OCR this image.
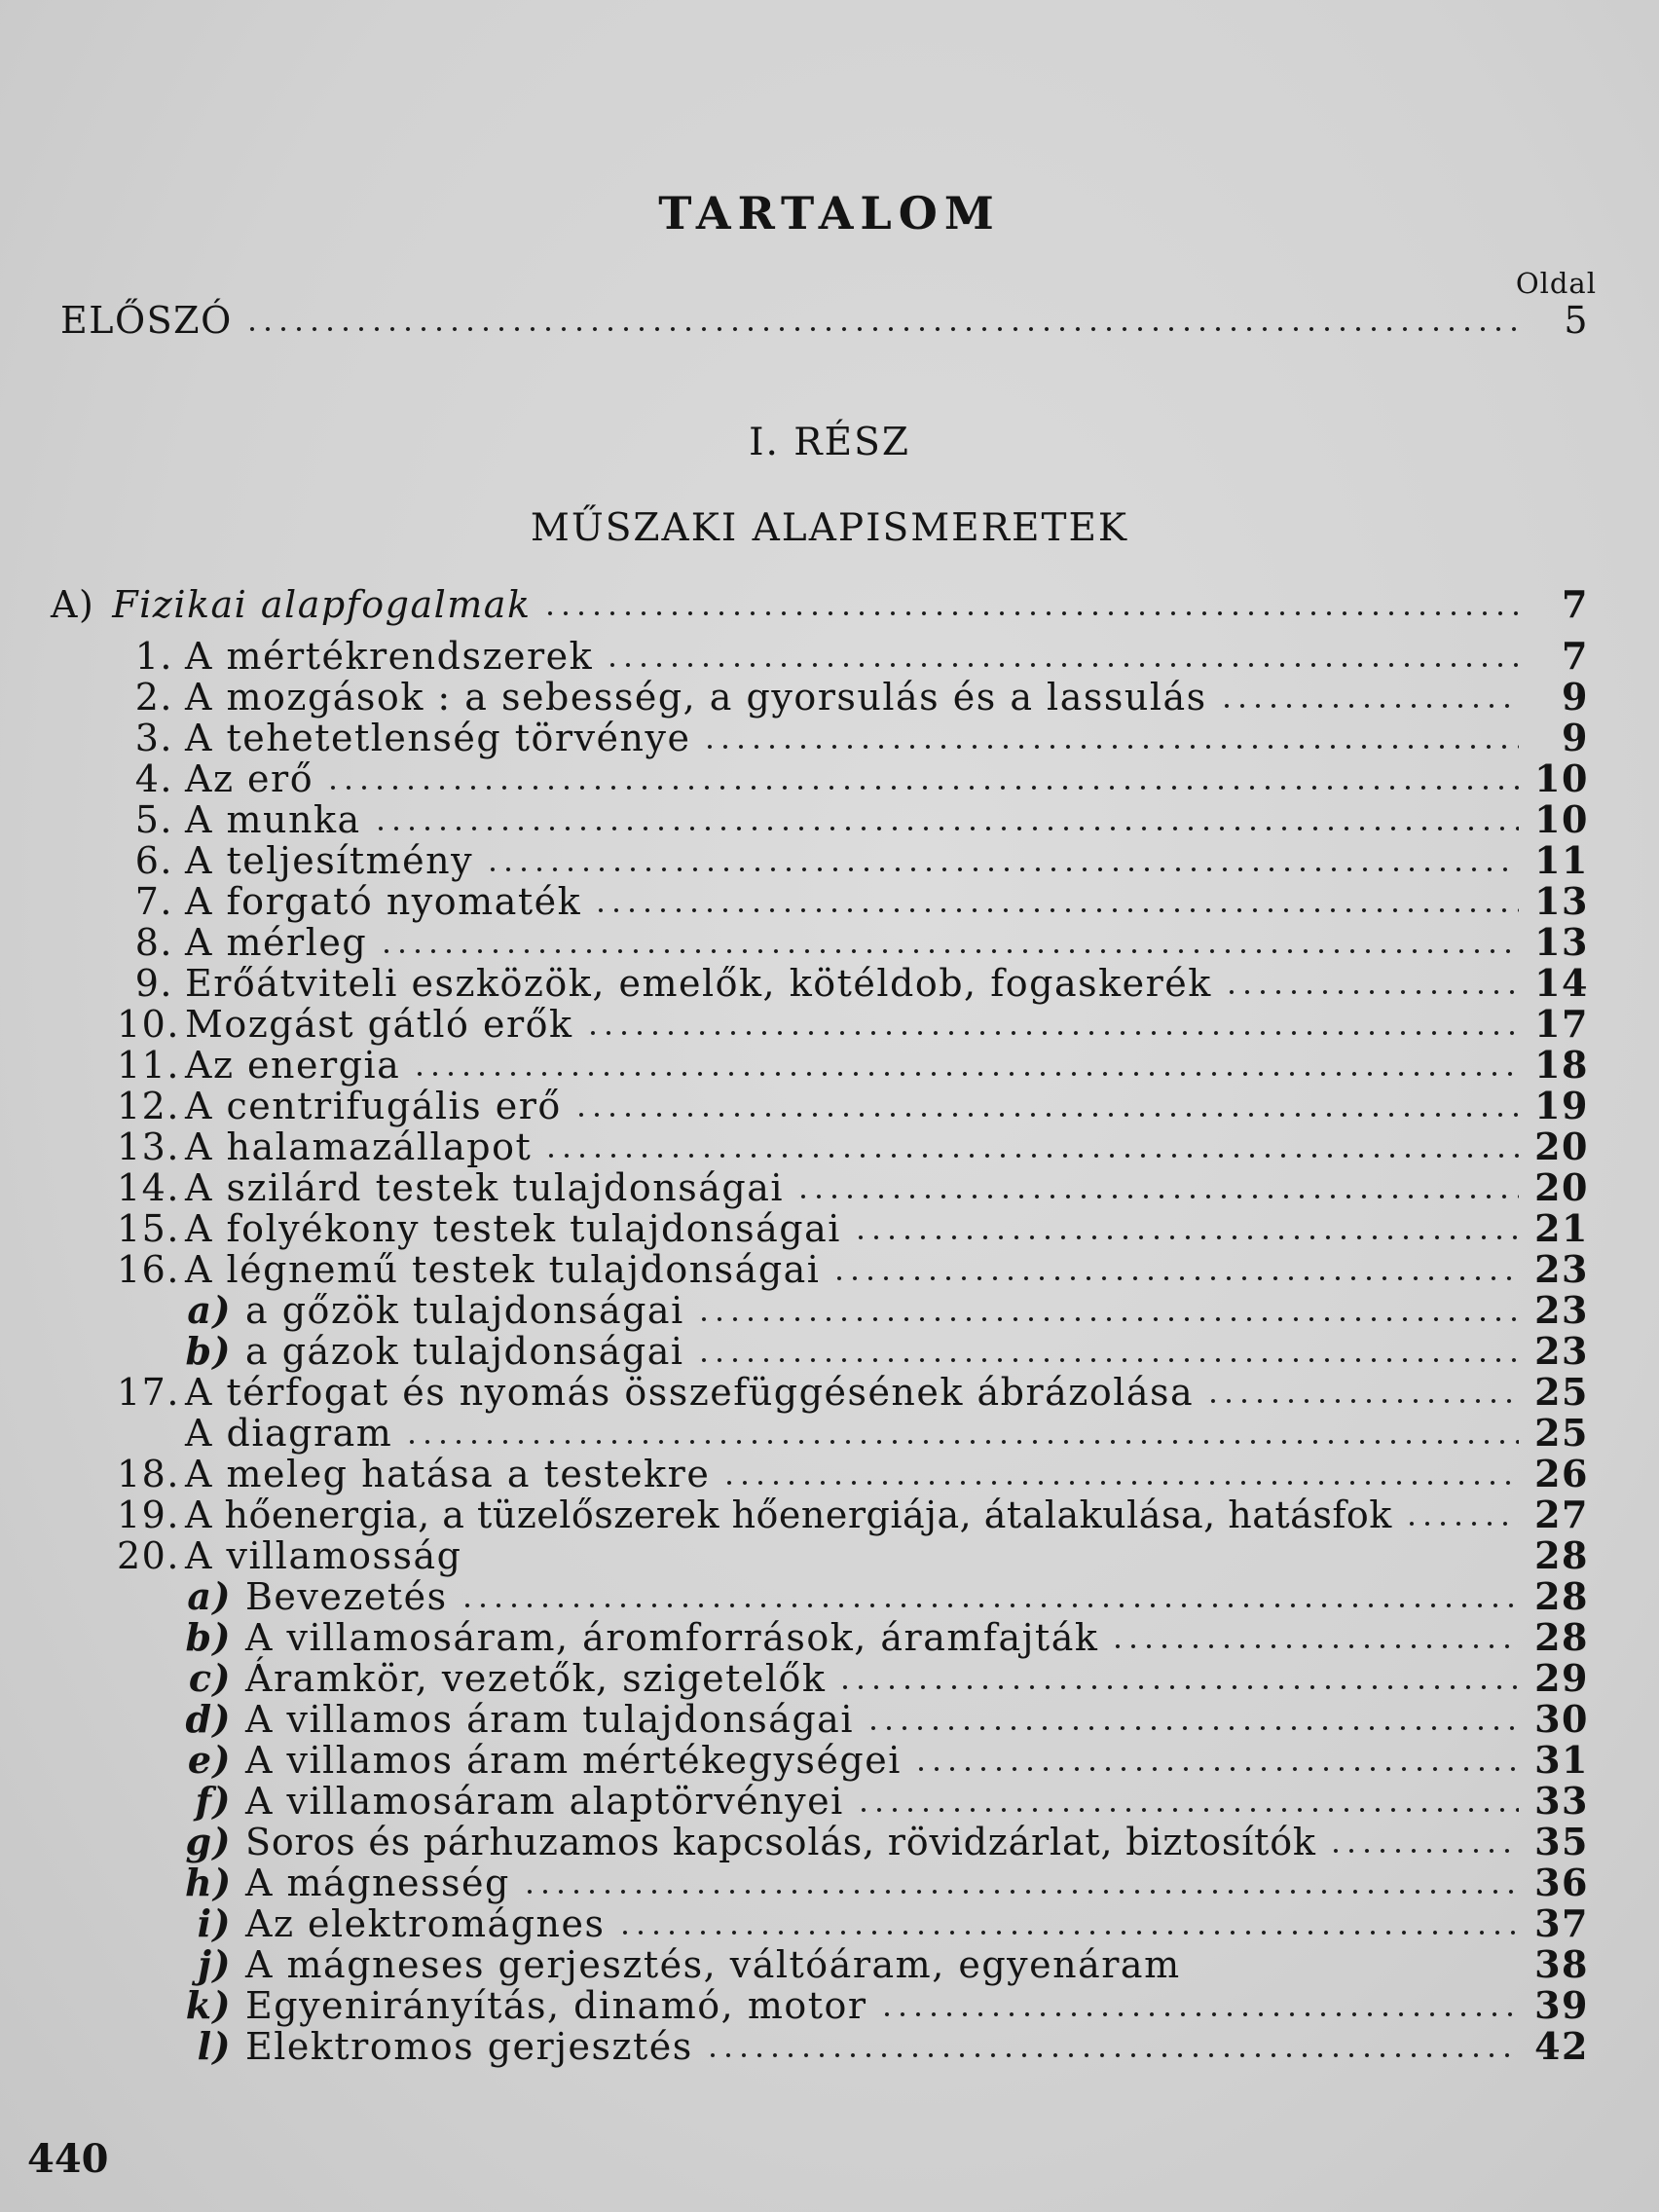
TARTALOM
Oldal
ELŐSZÓ	5
I. RÉSZ
MŰSZAKI ALAPISMERETEK
A) Fizikai alapfogalmak	7
1. A mértékrendszerek	7
2. A mozgások : a sebesség, a gyorsulás és a lassulás	9
3. A tehetetlenség törvénye	9
4. Az erő	10
5. A munka	10
6. A teljesítmény	11
7. A forgató nyomaték	13
8. A mérleg	13
9. Erőátviteli eszközök, emelők, kötéldob, fogaskerék	14
10. Mozgást gátló erők	17
11. Az energia	18
12. A centrifugális erő	19
13. A halamazállapot	20
14. A szilárd testek tulajdonságai	20
15. A folyékony testek tulajdonságai	21
16. A légnemű testek tulajdonságai	23
a) a gőzök tulajdonságai	23
b) a gázok tulajdonságai	23
17. A térfogat és nyomás összefüggésének ábrázolása	25
A diagram	25
18. A meleg hatása a testekre	26
19. A hőenergia, a tüzelőszerek hőenergiája, átalakulása, hatásfok	27
20. A villamosság	28
a) Bevezetés	28
b) A villamosáram, áromforrások, áramfajták	28
c) Áramkör, vezetők, szigetelők	29
d) A villamos áram tulajdonságai	30
e) A villamos áram mértékegységei	31
f) A villamosáram alaptörvényei	33
g) Soros és párhuzamos kapcsolás, rövidzárlat, biztosítók	35
h) A mágnesség	36
i) Az elektromágnes	37
j) A mágneses gerjesztés, váltóáram, egyenáram	38
k) Egyenirányítás, dinamó, motor	39
l) Elektromos gerjesztés	42
440
